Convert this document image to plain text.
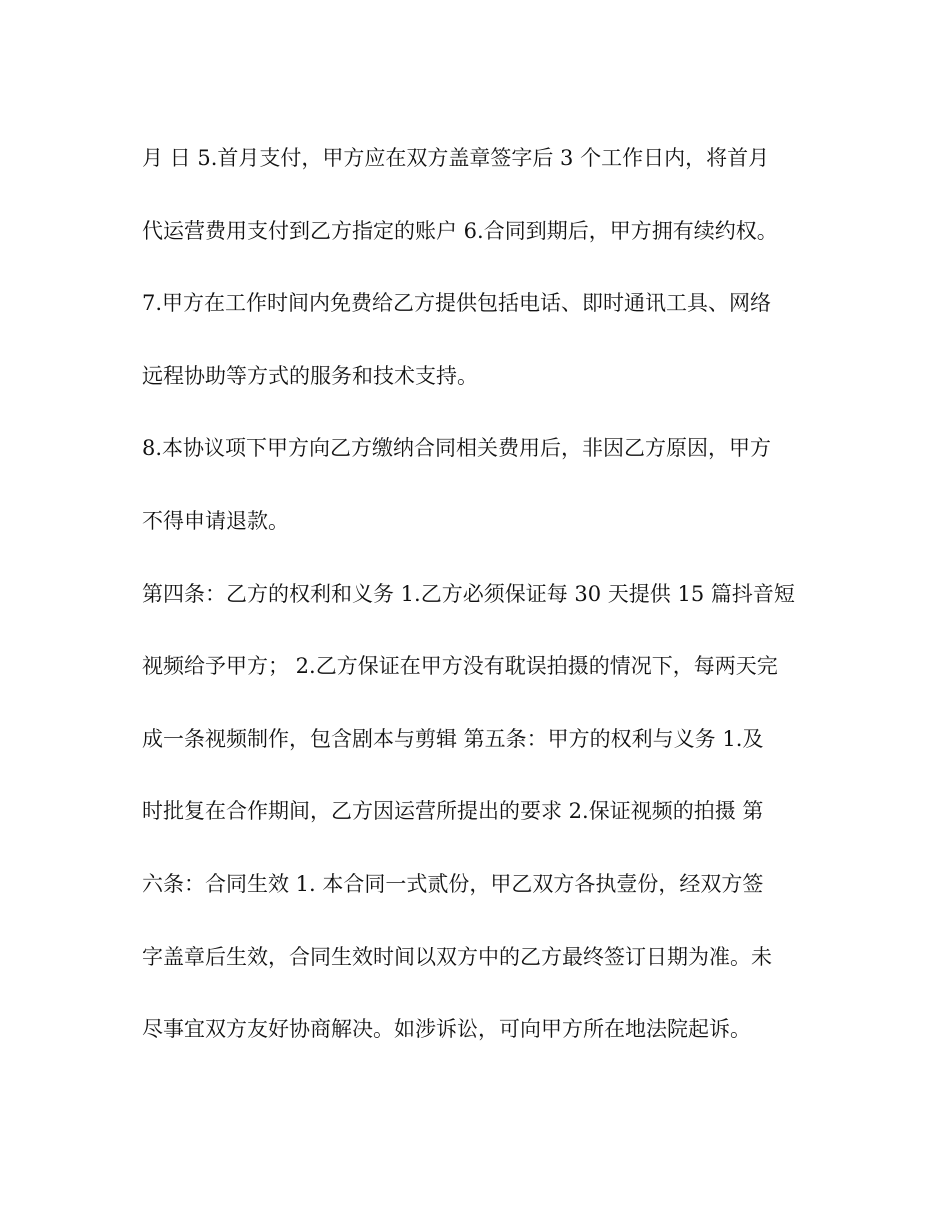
月 日 5.首月支付，甲方应在双方盖章签字后 3 个工作日内，将首月
代运营费用支付到乙方指定的账户 6.合同到期后，甲方拥有续约权。
7.甲方在工作时间内免费给乙方提供包括电话、即时通讯工具、网络
远程协助等方式的服务和技术支持。
8.本协议项下甲方向乙方缴纳合同相关费用后，非因乙方原因，甲方
不得申请退款。
第四条：乙方的权利和义务 1.乙方必须保证每 30 天提供 15 篇抖音短
视频给予甲方； 2.乙方保证在甲方没有耽误拍摄的情况下，每两天完
成一条视频制作，包含剧本与剪辑 第五条：甲方的权利与义务 1.及
时批复在合作期间，乙方因运营所提出的要求 2.保证视频的拍摄 第
六条：合同生效 1. 本合同一式贰份，甲乙双方各执壹份，经双方签
字盖章后生效，合同生效时间以双方中的乙方最终签订日期为准。未
尽事宜双方友好协商解决。如涉诉讼，可向甲方所在地法院起诉。
